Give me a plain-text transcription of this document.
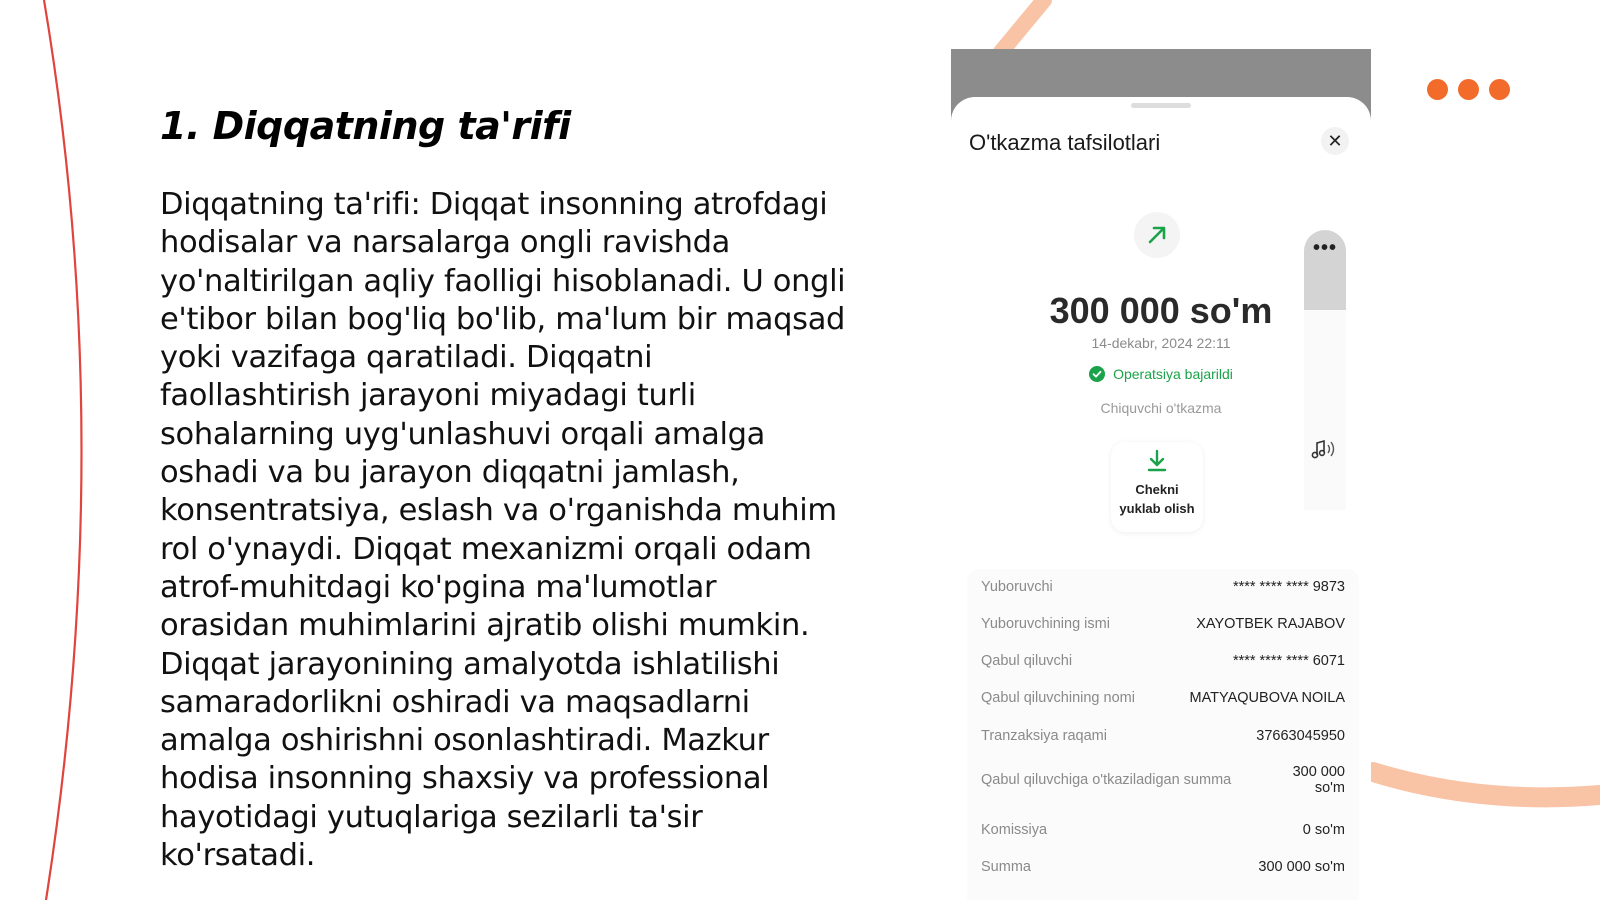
1. Diqqatning ta'rifi

Diqqatning ta'rifi: Diqqat insonning atrofdagi hodisalar va narsalarga ongli ravishda yo'naltirilgan aqliy faolligi hisoblanadi. U ongli e'tibor bilan bog'liq bo'lib, ma'lum bir maqsad yoki vazifaga qaratiladi. Diqqatni faollashtirish jarayoni miyadagi turli sohalarning uyg'unlashuvi orqali amalga oshadi va bu jarayon diqqatni jamlash, konsentratsiya, eslash va o'rganishda muhim rol o'ynaydi. Diqqat mexanizmi orqali odam atrof-muhitdagi ko'pgina ma'lumotlar orasidan muhimlarini ajratib olishi mumkin. Diqqat jarayonining amalyotda ishlatilishi samaradorlikni oshiradi va maqsadlarni amalga oshirishni osonlashtiradi. Mazkur hodisa insonning shaxsiy va professional hayotidagi yutuqlariga sezilarli ta'sir ko'rsatadi.

O'tkazma tafsilotlari	✕
•••
300 000 so'm
14-dekabr, 2024 22:11
Operatsiya bajarildi
Chiquvchi o'tkazma
Chekni
yuklab olish
Yuboruvchi	**** **** **** 9873
Yuboruvchining ismi	XAYOTBEK RAJABOV
Qabul qiluvchi	**** **** **** 6071
Qabul qiluvchining nomi	MATYAQUBOVA NOILA
Tranzaksiya raqami	37663045950
Qabul qiluvchiga o'tkaziladigan summa	300 000
so'm
Komissiya	0 so'm
Summa	300 000 so'm
